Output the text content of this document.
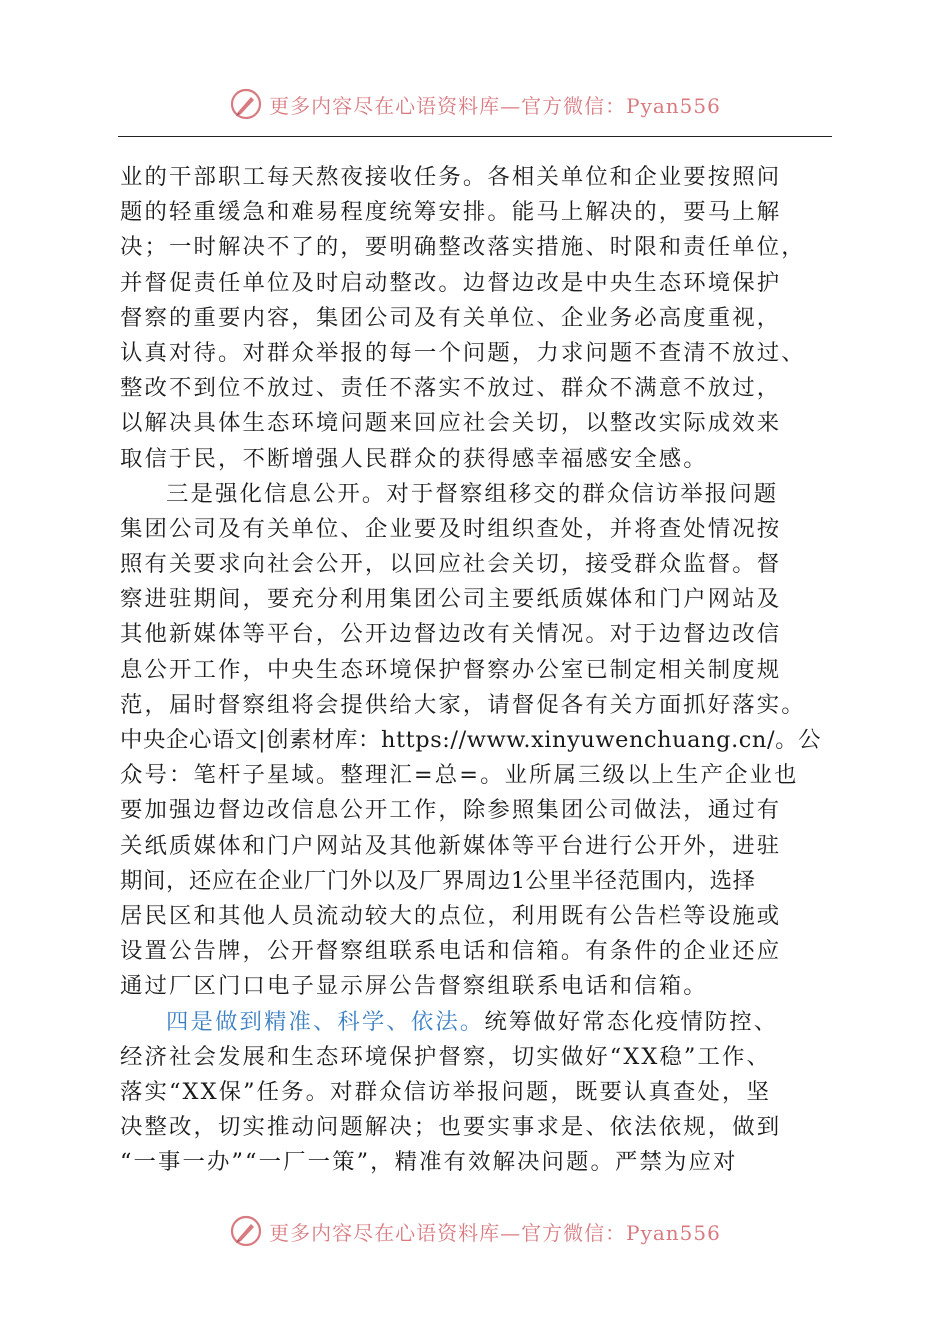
更多内容尽在心语资料库—官方微信：Pyan556
业的干部职工每天熬夜接收任务。各相关单位和企业要按照问
题的轻重缓急和难易程度统筹安排。能马上解决的，要马上解
决；一时解决不了的，要明确整改落实措施、时限和责任单位，
并督促责任单位及时启动整改。边督边改是中央生态环境保护
督察的重要内容，集团公司及有关单位、企业务必高度重视，
认真对待。对群众举报的每一个问题，力求问题不查清不放过、
整改不到位不放过、责任不落实不放过、群众不满意不放过，
以解决具体生态环境问题来回应社会关切，以整改实际成效来
取信于民，不断增强人民群众的获得感幸福感安全感。
三是强化信息公开。对于督察组移交的群众信访举报问题
集团公司及有关单位、企业要及时组织查处，并将查处情况按
照有关要求向社会公开，以回应社会关切，接受群众监督。督
察进驻期间，要充分利用集团公司主要纸质媒体和门户网站及
其他新媒体等平台，公开边督边改有关情况。对于边督边改信
息公开工作，中央生态环境保护督察办公室已制定相关制度规
范，届时督察组将会提供给大家，请督促各有关方面抓好落实。
中央企心语文|创素材库：https://www.xinyuwenchuang.cn/。公
众号：笔杆子星域。整理汇=总=。业所属三级以上生产企业也
要加强边督边改信息公开工作，除参照集团公司做法，通过有
关纸质媒体和门户网站及其他新媒体等平台进行公开外，进驻
期间，还应在企业厂门外以及厂界周边1公里半径范围内，选择
居民区和其他人员流动较大的点位，利用既有公告栏等设施或
设置公告牌，公开督察组联系电话和信箱。有条件的企业还应
通过厂区门口电子显示屏公告督察组联系电话和信箱。
四是做到精准、科学、依法。统筹做好常态化疫情防控、
经济社会发展和生态环境保护督察，切实做好“XX稳”工作、
落实“XX保”任务。对群众信访举报问题，既要认真查处，坚
决整改，切实推动问题解决；也要实事求是、依法依规，做到
“一事一办”“一厂一策”，精准有效解决问题。严禁为应对
更多内容尽在心语资料库—官方微信：Pyan556
